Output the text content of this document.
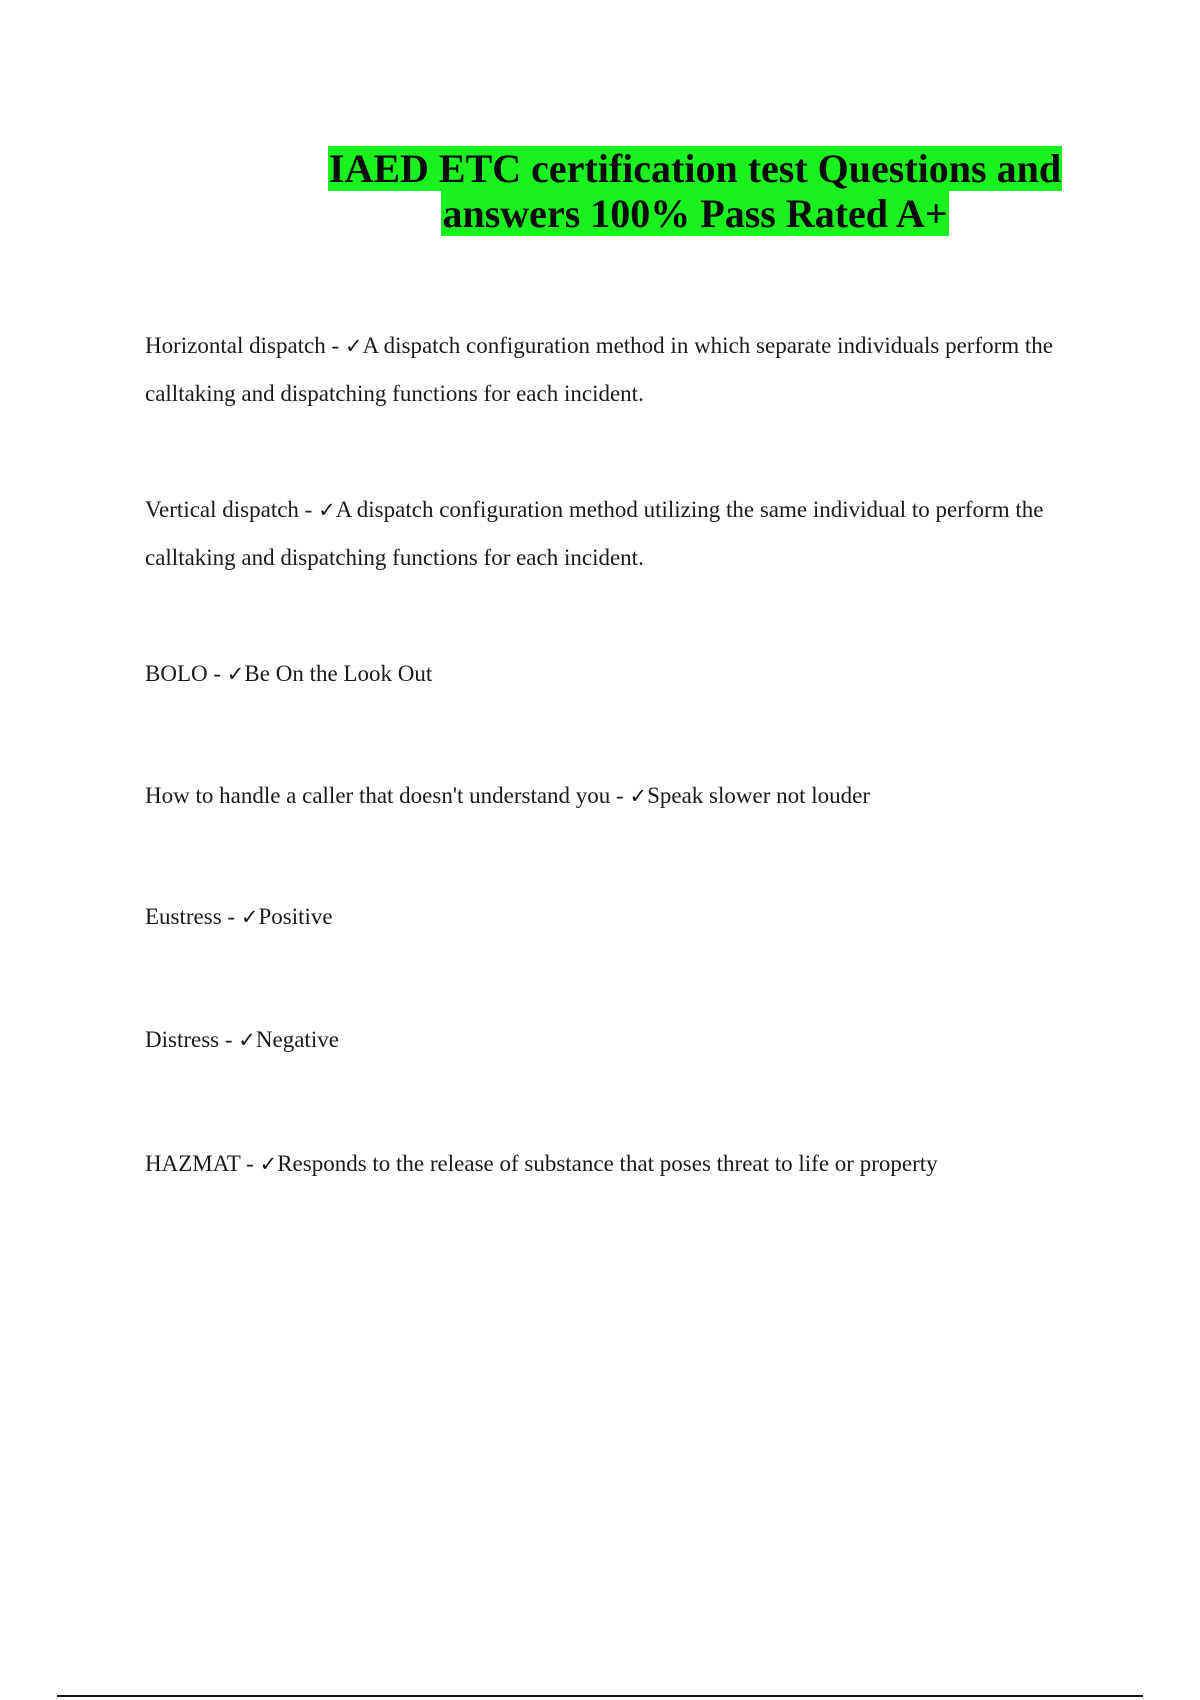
IAED ETC certification test Questions and
answers 100% Pass Rated A+
Horizontal dispatch - ✓A dispatch configuration method in which separate individuals perform the calltaking and dispatching functions for each incident.
Vertical dispatch - ✓A dispatch configuration method utilizing the same individual to perform the calltaking and dispatching functions for each incident.
BOLO - ✓Be On the Look Out
How to handle a caller that doesn't understand you - ✓Speak slower not louder
Eustress - ✓Positive
Distress - ✓Negative
HAZMAT - ✓Responds to the release of substance that poses threat to life or property
